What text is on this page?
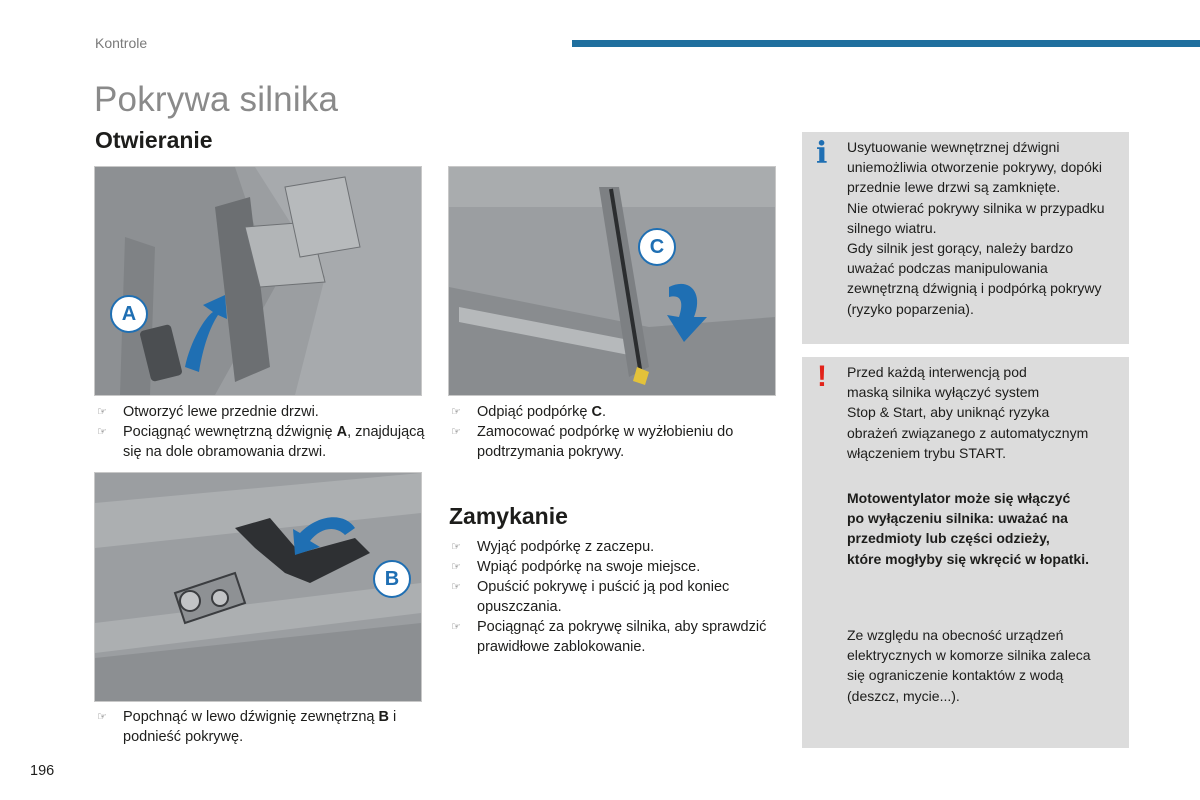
Kontrole
Pokrywa silnika
Otwieranie
A
C
☞ Otworzyć lewe przednie drzwi.
☞ Pociągnąć wewnętrzną dźwignię A, znajdującą się na dole obramowania drzwi.
☞ Odpiąć podpórkę C.
☞ Zamocować podpórkę w wyżłobieniu do podtrzymania pokrywy.
B
☞ Popchnąć w lewo dźwignię zewnętrzną B i podnieść pokrywę.
Zamykanie
☞ Wyjąć podpórkę z zaczepu.
☞ Wpiąć podpórkę na swoje miejsce.
☞ Opuścić pokrywę i puścić ją pod koniec opuszczania.
☞ Pociągnąć za pokrywę silnika, aby sprawdzić prawidłowe zablokowanie.
i Usytuowanie wewnętrznej dźwigni
uniemożliwia otworzenie pokrywy, dopóki
przednie lewe drzwi są zamknięte.
Nie otwierać pokrywy silnika w przypadku
silnego wiatru.
Gdy silnik jest gorący, należy bardzo
uważać podczas manipulowania
zewnętrzną dźwignią i podpórką pokrywy
(ryzyko poparzenia).
! Przed każdą interwencją pod
maską silnika wyłączyć system
Stop & Start, aby uniknąć ryzyka
obrażeń związanego z automatycznym
włączeniem trybu START.
Motowentylator może się włączyć
po wyłączeniu silnika: uważać na
przedmioty lub części odzieży,
które mogłyby się wkręcić w łopatki.
Ze względu na obecność urządzeń
elektrycznych w komorze silnika zaleca
się ograniczenie kontaktów z wodą
(deszcz, mycie...).
196
